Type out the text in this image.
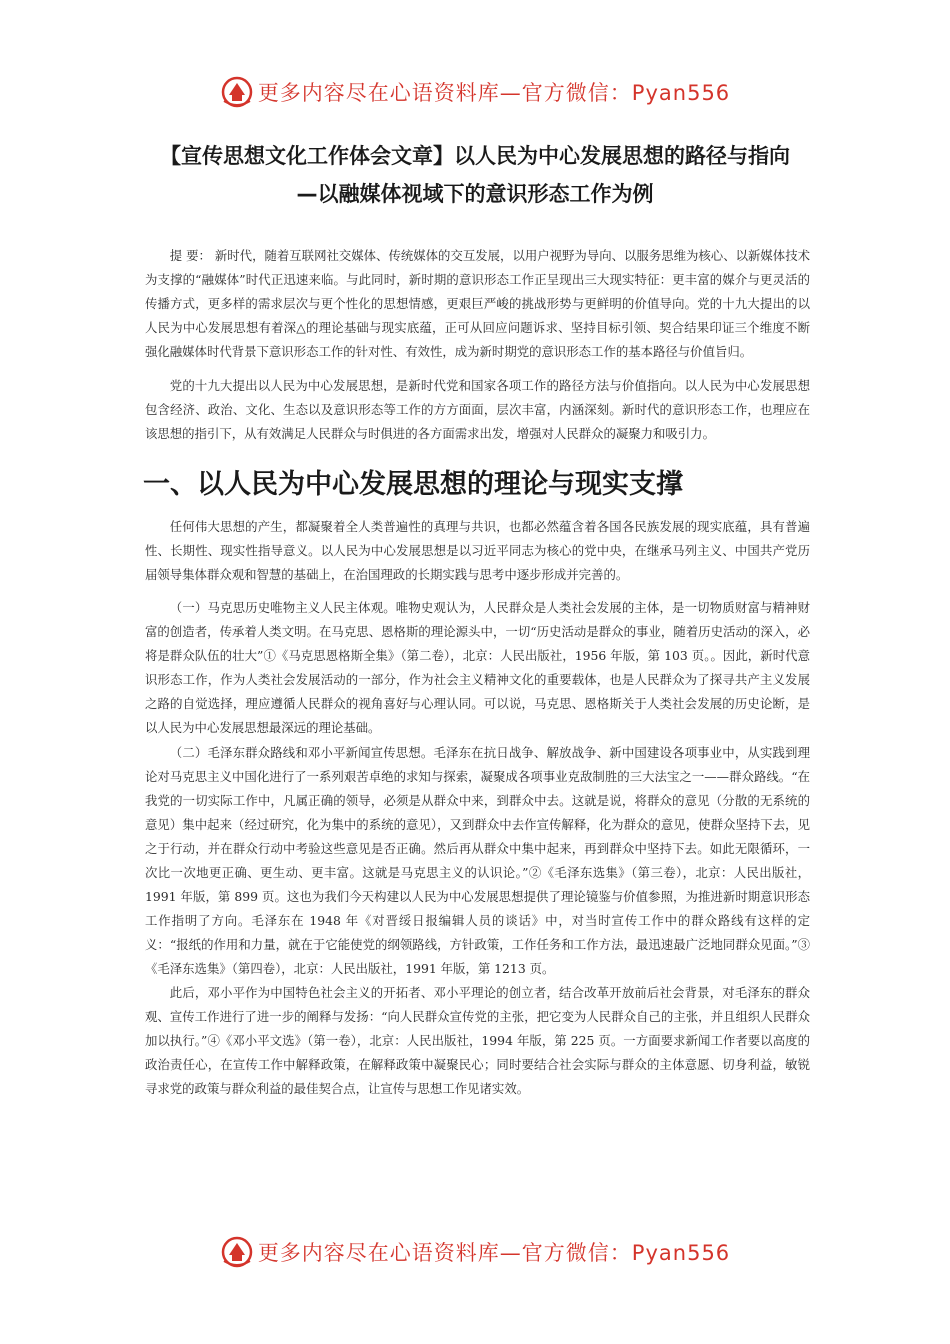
更多内容尽在心语资料库—官方微信：Pyan556
【宣传思想文化工作体会文章】以人民为中心发展思想的路径与指向
—以融媒体视域下的意识形态工作为例

提 要： 新时代，随着互联网社交媒体、传统媒体的交互发展，以用户视野为导向、以服务思维为核心、以新媒体技术为支撑的“融媒体”时代正迅速来临。与此同时，新时期的意识形态工作正呈现出三大现实特征：更丰富的媒介与更灵活的传播方式，更多样的需求层次与更个性化的思想情感，更艰巨严峻的挑战形势与更鲜明的价值导向。党的十九大提出的以人民为中心发展思想有着深△的理论基础与现实底蕴，正可从回应问题诉求、坚持目标引领、契合结果印证三个维度不断强化融媒体时代背景下意识形态工作的针对性、有效性，成为新时期党的意识形态工作的基本路径与价值旨归。

党的十九大提出以人民为中心发展思想，是新时代党和国家各项工作的路径方法与价值指向。以人民为中心发展思想包含经济、政治、文化、生态以及意识形态等工作的方方面面，层次丰富，内涵深刻。新时代的意识形态工作，也理应在该思想的指引下，从有效满足人民群众与时俱进的各方面需求出发，增强对人民群众的凝聚力和吸引力。

一、以人民为中心发展思想的理论与现实支撑

任何伟大思想的产生，都凝聚着全人类普遍性的真理与共识，也都必然蕴含着各国各民族发展的现实底蕴，具有普遍性、长期性、现实性指导意义。以人民为中心发展思想是以习近平同志为核心的党中央，在继承马列主义、中国共产党历届领导集体群众观和智慧的基础上，在治国理政的长期实践与思考中逐步形成并完善的。

（一）马克思历史唯物主义人民主体观。唯物史观认为，人民群众是人类社会发展的主体，是一切物质财富与精神财富的创造者，传承着人类文明。在马克思、恩格斯的理论源头中，一切“历史活动是群众的事业，随着历史活动的深入，必将是群众队伍的壮大”①《马克思恩格斯全集》（第二卷），北京：人民出版社，1956 年版，第 103 页。。因此，新时代意识形态工作，作为人类社会发展活动的一部分，作为社会主义精神文化的重要载体，也是人民群众为了探寻共产主义发展之路的自觉选择，理应遵循人民群众的视角喜好与心理认同。可以说，马克思、恩格斯关于人类社会发展的历史论断，是以人民为中心发展思想最深远的理论基础。

（二）毛泽东群众路线和邓小平新闻宣传思想。毛泽东在抗日战争、解放战争、新中国建设各项事业中，从实践到理论对马克思主义中国化进行了一系列艰苦卓绝的求知与探索，凝聚成各项事业克敌制胜的三大法宝之一——群众路线。“在我党的一切实际工作中，凡属正确的领导，必须是从群众中来，到群众中去。这就是说，将群众的意见（分散的无系统的意见）集中起来（经过研究，化为集中的系统的意见），又到群众中去作宣传解释，化为群众的意见，使群众坚持下去，见之于行动，并在群众行动中考验这些意见是否正确。然后再从群众中集中起来，再到群众中坚持下去。如此无限循环，一次比一次地更正确、更生动、更丰富。这就是马克思主义的认识论。”②《毛泽东选集》（第三卷），北京：人民出版社，1991 年版，第 899 页。这也为我们今天构建以人民为中心发展思想提供了理论镜鉴与价值参照，为推进新时期意识形态工作指明了方向。毛泽东在 1948 年《对晋绥日报编辑人员的谈话》中，对当时宣传工作中的群众路线有这样的定义：“报纸的作用和力量，就在于它能使党的纲领路线，方针政策，工作任务和工作方法，最迅速最广泛地同群众见面。”③《毛泽东选集》（第四卷），北京：人民出版社，1991 年版，第 1213 页。

此后，邓小平作为中国特色社会主义的开拓者、邓小平理论的创立者，结合改革开放前后社会背景，对毛泽东的群众观、宣传工作进行了进一步的阐释与发扬：“向人民群众宣传党的主张，把它变为人民群众自己的主张，并且组织人民群众加以执行。”④《邓小平文选》（第一卷），北京：人民出版社，1994 年版，第 225 页。一方面要求新闻工作者要以高度的政治责任心，在宣传工作中解释政策，在解释政策中凝聚民心；同时要结合社会实际与群众的主体意愿、切身利益，敏锐寻求党的政策与群众利益的最佳契合点，让宣传与思想工作见诸实效。

更多内容尽在心语资料库—官方微信：Pyan556
